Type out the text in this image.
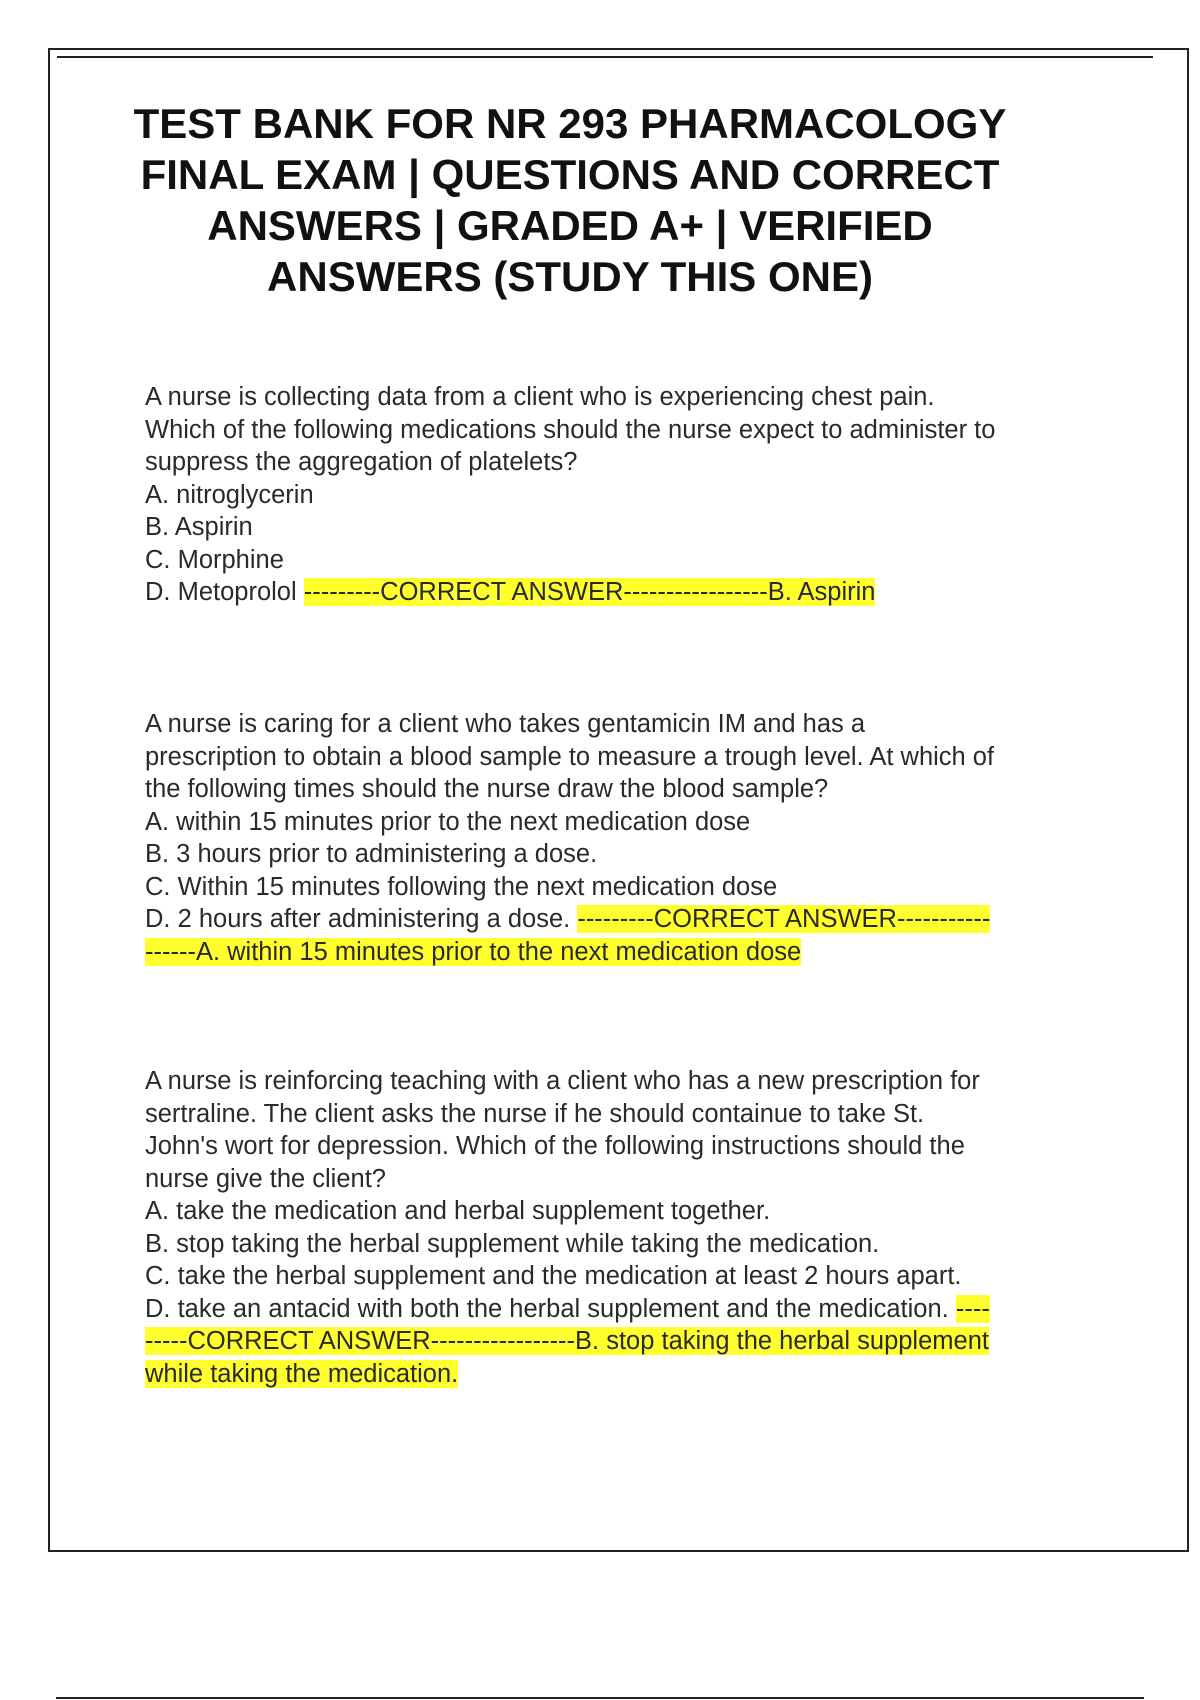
TEST BANK FOR NR 293 PHARMACOLOGY FINAL EXAM | QUESTIONS AND CORRECT ANSWERS | GRADED A+ | VERIFIED ANSWERS (STUDY THIS ONE)
A nurse is collecting data from a client who is experiencing chest pain.
Which of the following medications should the nurse expect to administer to
suppress the aggregation of platelets?
A. nitroglycerin
B. Aspirin
C. Morphine
D. Metoprolol ---------CORRECT ANSWER-----------------B. Aspirin
A nurse is caring for a client who takes gentamicin IM and has a
prescription to obtain a blood sample to measure a trough level. At which of
the following times should the nurse draw the blood sample?
A. within 15 minutes prior to the next medication dose
B. 3 hours prior to administering a dose.
C. Within 15 minutes following the next medication dose
D. 2 hours after administering a dose. ---------CORRECT ANSWER-----------
------A. within 15 minutes prior to the next medication dose
A nurse is reinforcing teaching with a client who has a new prescription for
sertraline. The client asks the nurse if he should containue to take St.
John's wort for depression. Which of the following instructions should the
nurse give the client?
A. take the medication and herbal supplement together.
B. stop taking the herbal supplement while taking the medication.
C. take the herbal supplement and the medication at least 2 hours apart.
D. take an antacid with both the herbal supplement and the medication. ----
-----CORRECT ANSWER-----------------B. stop taking the herbal supplement
while taking the medication.
